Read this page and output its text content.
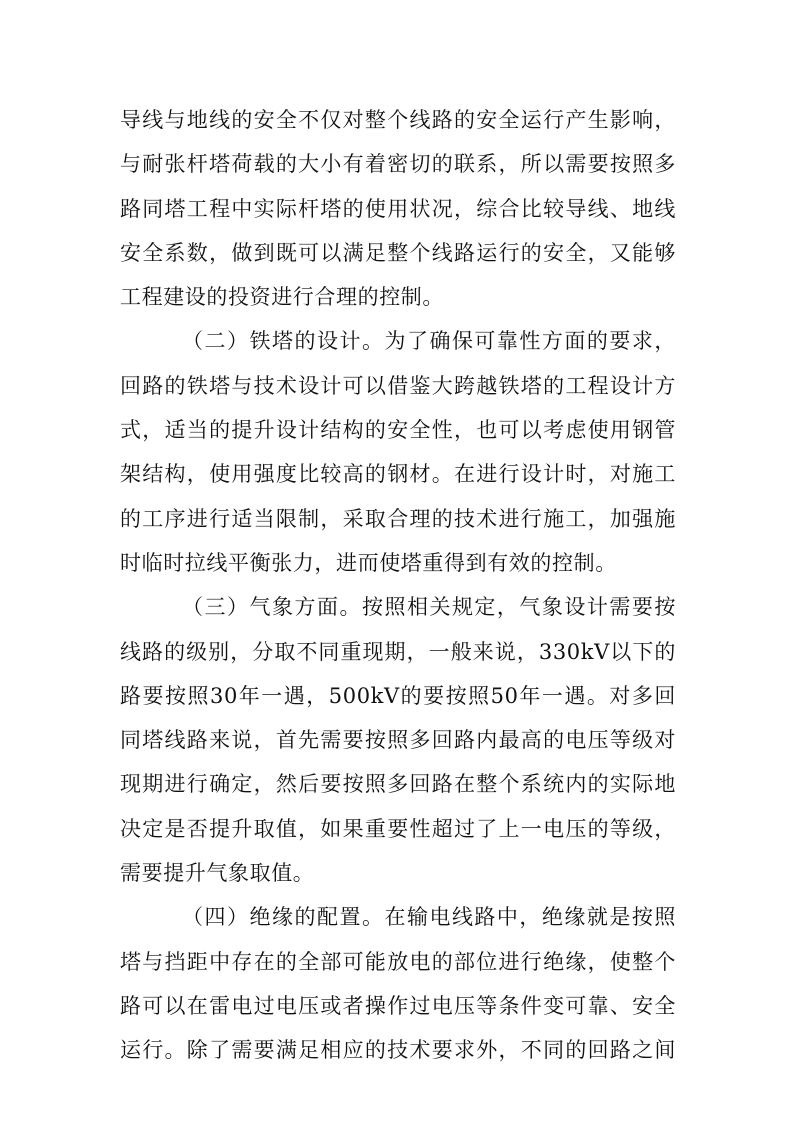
导线与地线的安全不仅对整个线路的安全运行产生影响，
与耐张杆塔荷载的大小有着密切的联系，所以需要按照多
路同塔工程中实际杆塔的使用状况，综合比较导线、地线
安全系数，做到既可以满足整个线路运行的安全，又能够
工程建设的投资进行合理的控制。
（二）铁塔的设计。为了确保可靠性方面的要求，
回路的铁塔与技术设计可以借鉴大跨越铁塔的工程设计方
式，适当的提升设计结构的安全性，也可以考虑使用钢管
架结构，使用强度比较高的钢材。在进行设计时，对施工
的工序进行适当限制，采取合理的技术进行施工，加强施
时临时拉线平衡张力，进而使塔重得到有效的控制。
（三）气象方面。按照相关规定，气象设计需要按
线路的级别，分取不同重现期，一般来说，330kV以下的
路要按照30年一遇，500kV的要按照50年一遇。对多回
同塔线路来说，首先需要按照多回路内最高的电压等级对
现期进行确定，然后要按照多回路在整个系统内的实际地
决定是否提升取值，如果重要性超过了上一电压的等级，
需要提升气象取值。
（四）绝缘的配置。在输电线路中，绝缘就是按照
塔与挡距中存在的全部可能放电的部位进行绝缘，使整个
路可以在雷电过电压或者操作过电压等条件变可靠、安全
运行。除了需要满足相应的技术要求外，不同的回路之间
